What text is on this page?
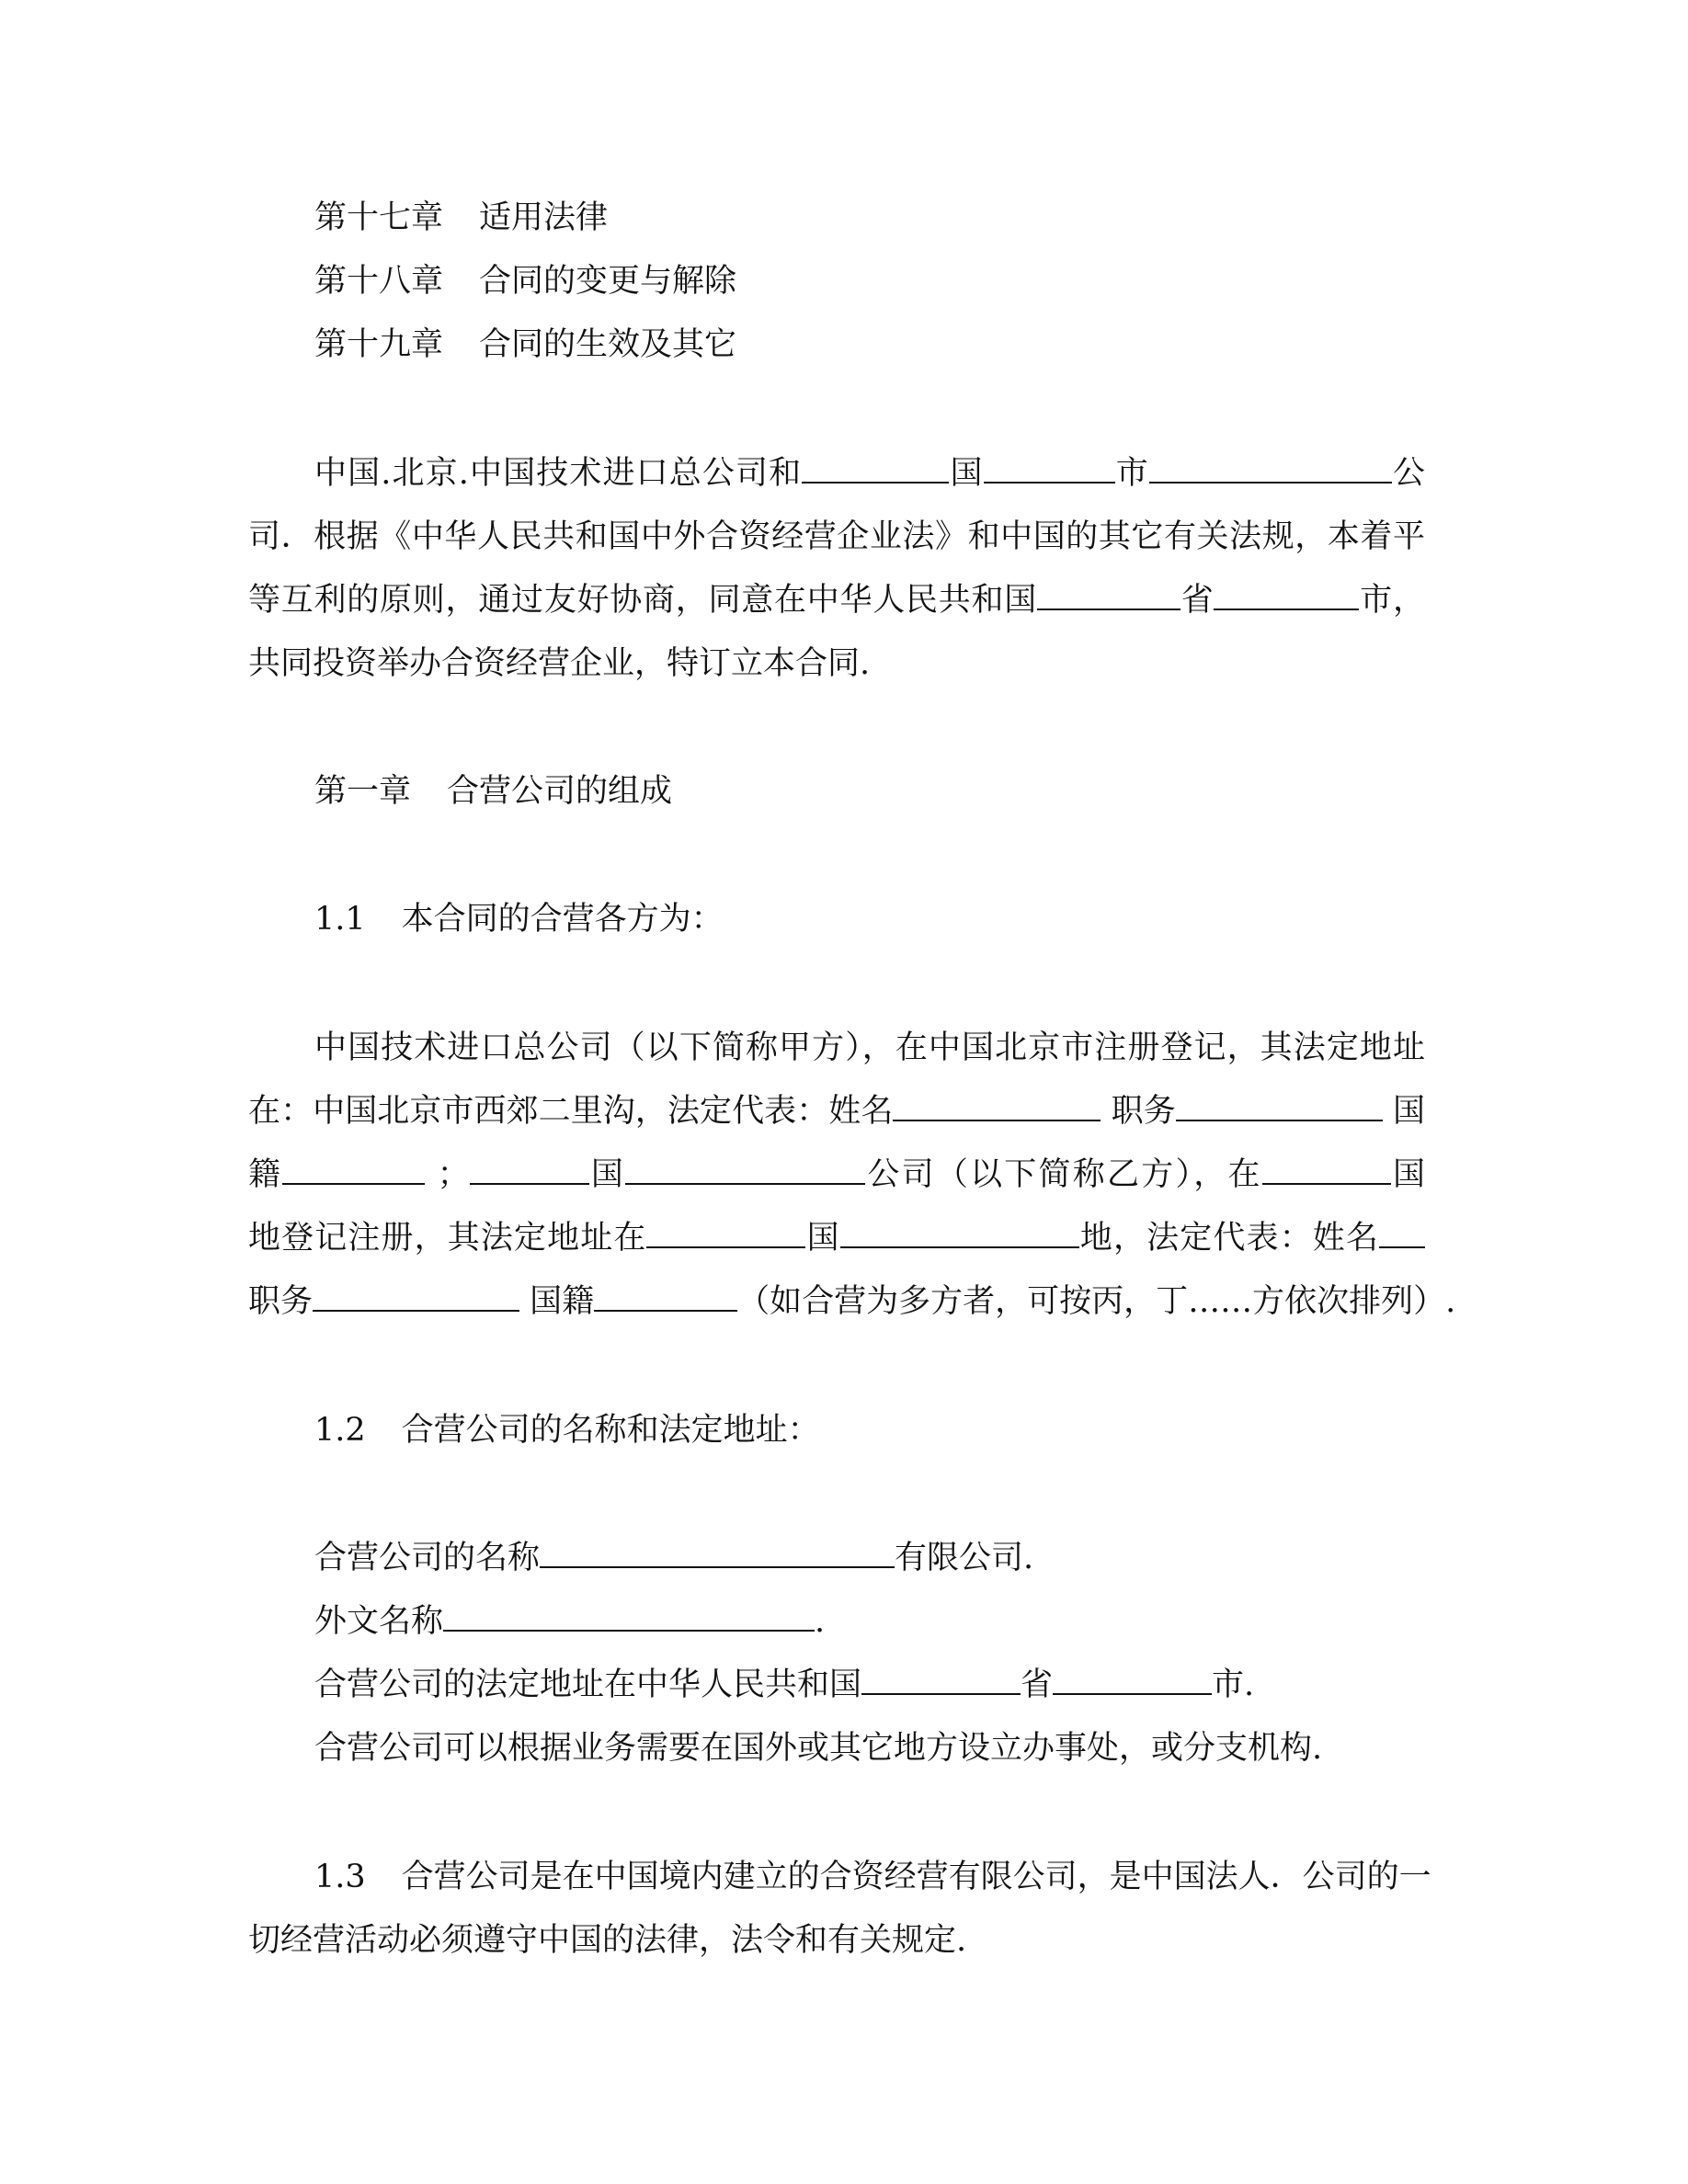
第十七章 适用法律
第十八章 合同的变更与解除
第十九章 合同的生效及其它
中国.北京.中国技术进口总公司和	国	市	公
司．根据《中华人民共和国中外合资经营企业法》和中国的其它有关法规，本着平
等互利的原则，通过友好协商，同意在中华人民共和国	省	市，
共同投资举办合资经营企业，特订立本合同.
第一章 合营公司的组成
1.1 本合同的合营各方为：
中国技术进口总公司（以下简称甲方），在中国北京市注册登记，其法定地址
在：中国北京市西郊二里沟，法定代表：姓名	职务	国
籍	；	国	公司（以下简称乙方），在	国
地登记注册，其法定地址在	国	地，法定代表：姓名
职务	国籍	（如合营为多方者，可按丙，丁……方依次排列）.
1.2 合营公司的名称和法定地址：
合营公司的名称	有限公司.
外文名称	.
合营公司的法定地址在中华人民共和国	省	市.
合营公司可以根据业务需要在国外或其它地方设立办事处，或分支机构.
1.3 合营公司是在中国境内建立的合资经营有限公司，是中国法人．公司的一
切经营活动必须遵守中国的法律，法令和有关规定.
